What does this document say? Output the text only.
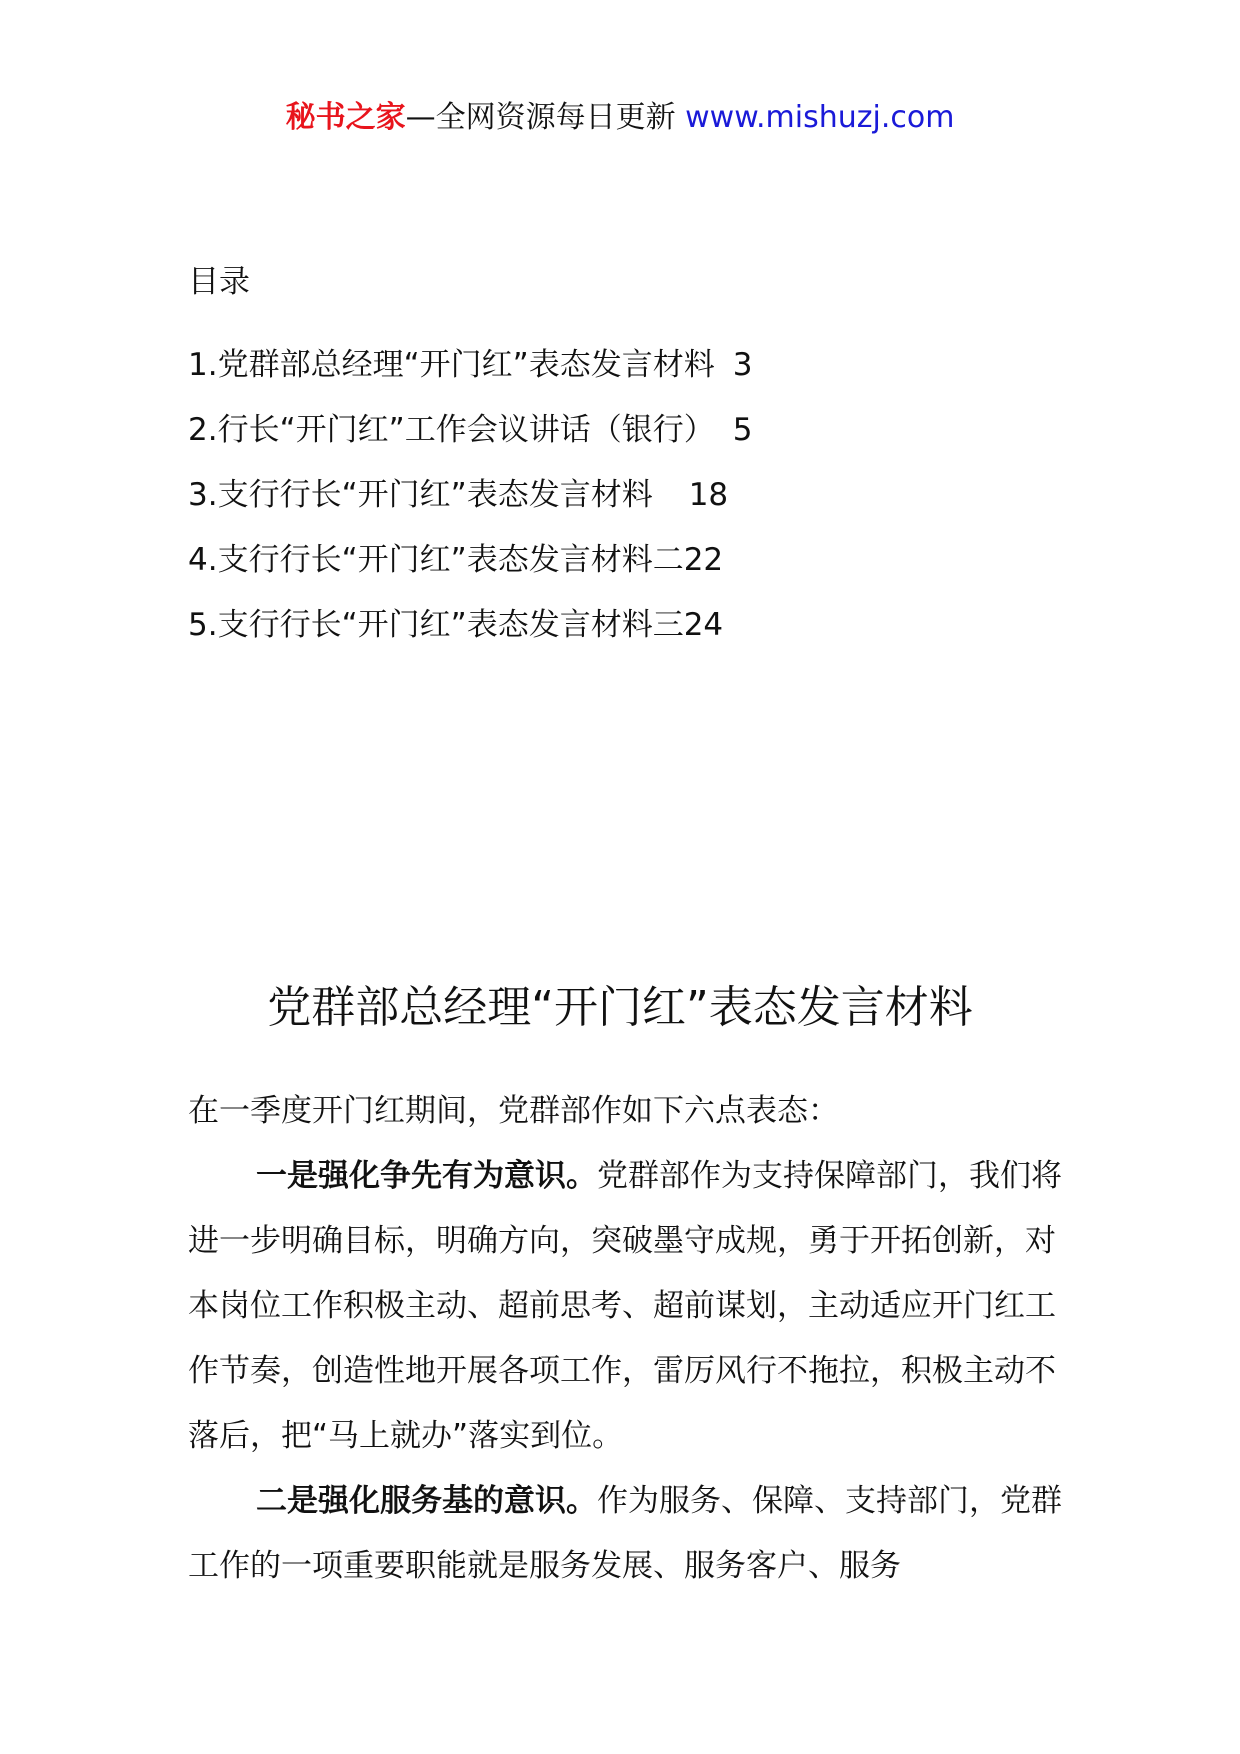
秘书之家—全网资源每日更新 www.mishuzj.com
目录
1.党群部总经理“开门红”表态发言材料 3
2.行长“开门红”工作会议讲话（银行） 5
3.支行行长“开门红”表态发言材料 18
4.支行行长“开门红”表态发言材料二22
5.支行行长“开门红”表态发言材料三24
党群部总经理“开门红”表态发言材料

在一季度开门红期间，党群部作如下六点表态：

一是强化争先有为意识。党群部作为支持保障部门，我们将进一步明确目标，明确方向，突破墨守成规，勇于开拓创新，对本岗位工作积极主动、超前思考、超前谋划，主动适应开门红工作节奏，创造性地开展各项工作，雷厉风行不拖拉，积极主动不落后，把“马上就办”落实到位。

二是强化服务基的意识。作为服务、保障、支持部门，党群工作的一项重要职能就是服务发展、服务客户、服务
